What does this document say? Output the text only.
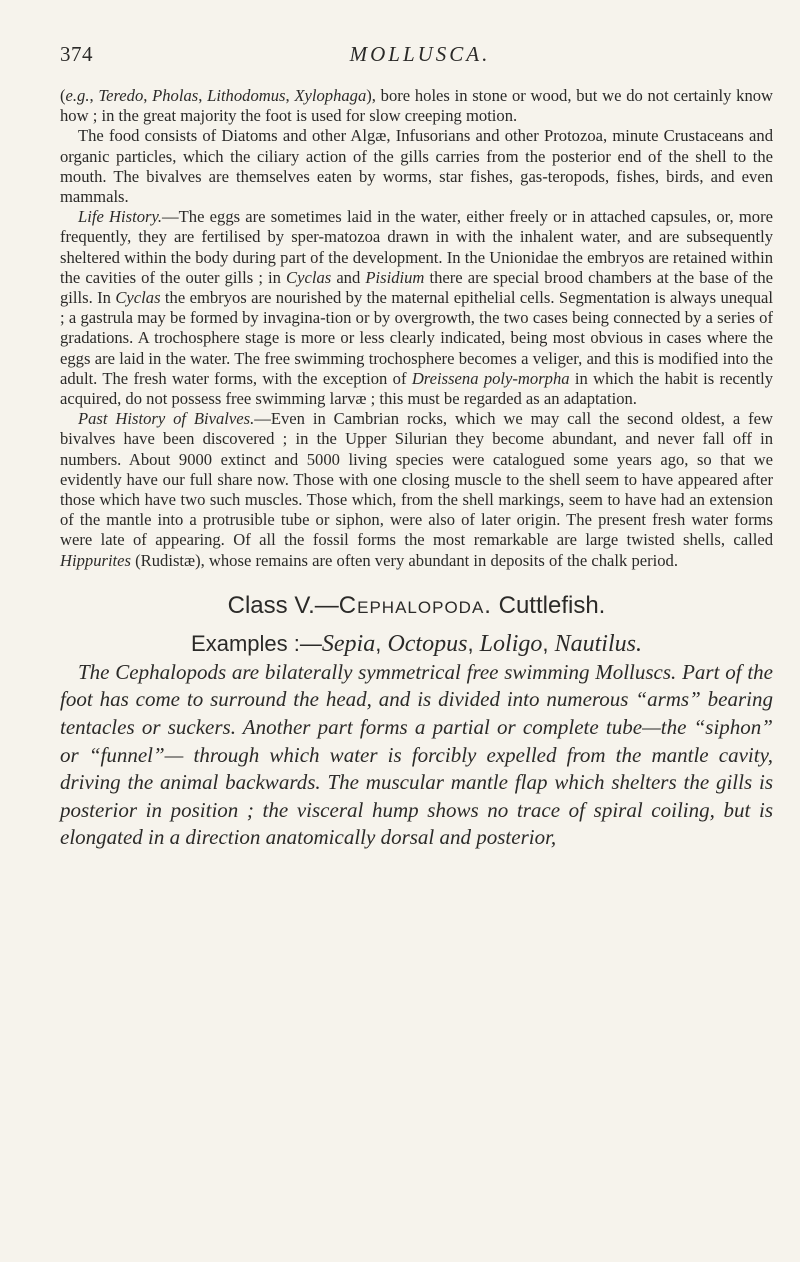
374	MOLLUSCA.

(e.g., Teredo, Pholas, Lithodomus, Xylophaga), bore holes in stone or wood, but we do not certainly know how ; in the great majority the foot is used for slow creeping motion.

The food consists of Diatoms and other Algæ, Infusorians and other Protozoa, minute Crustaceans and organic particles, which the ciliary action of the gills carries from the posterior end of the shell to the mouth. The bivalves are themselves eaten by worms, star fishes, gas-teropods, fishes, birds, and even mammals.

Life History.—The eggs are sometimes laid in the water, either freely or in attached capsules, or, more frequently, they are fertilised by sper-matozoa drawn in with the inhalent water, and are subsequently sheltered within the body during part of the development. In the Unionidae the embryos are retained within the cavities of the outer gills ; in Cyclas and Pisidium there are special brood chambers at the base of the gills. In Cyclas the embryos are nourished by the maternal epithelial cells. Segmentation is always unequal ; a gastrula may be formed by invagina-tion or by overgrowth, the two cases being connected by a series of gradations. A trochosphere stage is more or less clearly indicated, being most obvious in cases where the eggs are laid in the water. The free swimming trochosphere becomes a veliger, and this is modified into the adult. The fresh water forms, with the exception of Dreissena poly-morpha in which the habit is recently acquired, do not possess free swimming larvæ ; this must be regarded as an adaptation.

Past History of Bivalves.—Even in Cambrian rocks, which we may call the second oldest, a few bivalves have been discovered ; in the Upper Silurian they become abundant, and never fall off in numbers. About 9000 extinct and 5000 living species were catalogued some years ago, so that we evidently have our full share now. Those with one closing muscle to the shell seem to have appeared after those which have two such muscles. Those which, from the shell markings, seem to have had an extension of the mantle into a protrusible tube or siphon, were also of later origin. The present fresh water forms were late of appearing. Of all the fossil forms the most remarkable are large twisted shells, called Hippurites (Rudistæ), whose remains are often very abundant in deposits of the chalk period.

Class V.—Cephalopoda. Cuttlefish.
Examples :—Sepia, Octopus, Loligo, Nautilus.

The Cephalopods are bilaterally symmetrical free swimming Molluscs. Part of the foot has come to surround the head, and is divided into numerous “arms” bearing tentacles or suckers. Another part forms a partial or complete tube—the “siphon” or “funnel”— through which water is forcibly expelled from the mantle cavity, driving the animal backwards. The muscular mantle flap which shelters the gills is posterior in position ; the visceral hump shows no trace of spiral coiling, but is elongated in a direction anatomically dorsal and posterior,
